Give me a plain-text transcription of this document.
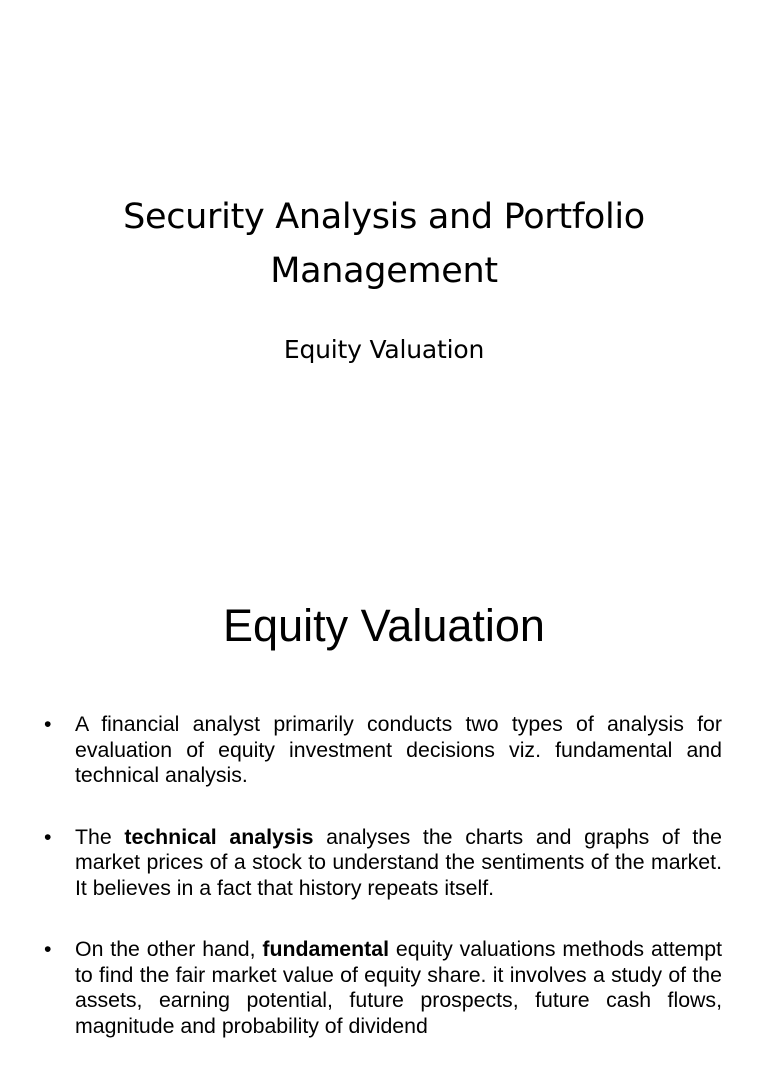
Security Analysis and Portfolio Management
Equity Valuation
Equity Valuation
•	A financial analyst primarily conducts two types of analysis for evaluation of equity investment decisions viz. fundamental and technical analysis.
•	The technical analysis analyses the charts and graphs of the market prices of a stock to understand the sentiments of the market. It believes in a fact that history repeats itself.
•	On the other hand, fundamental equity valuations methods attempt to find the fair market value of equity share. it involves a study of the assets, earning potential, future prospects, future cash flows, magnitude and probability of dividend
